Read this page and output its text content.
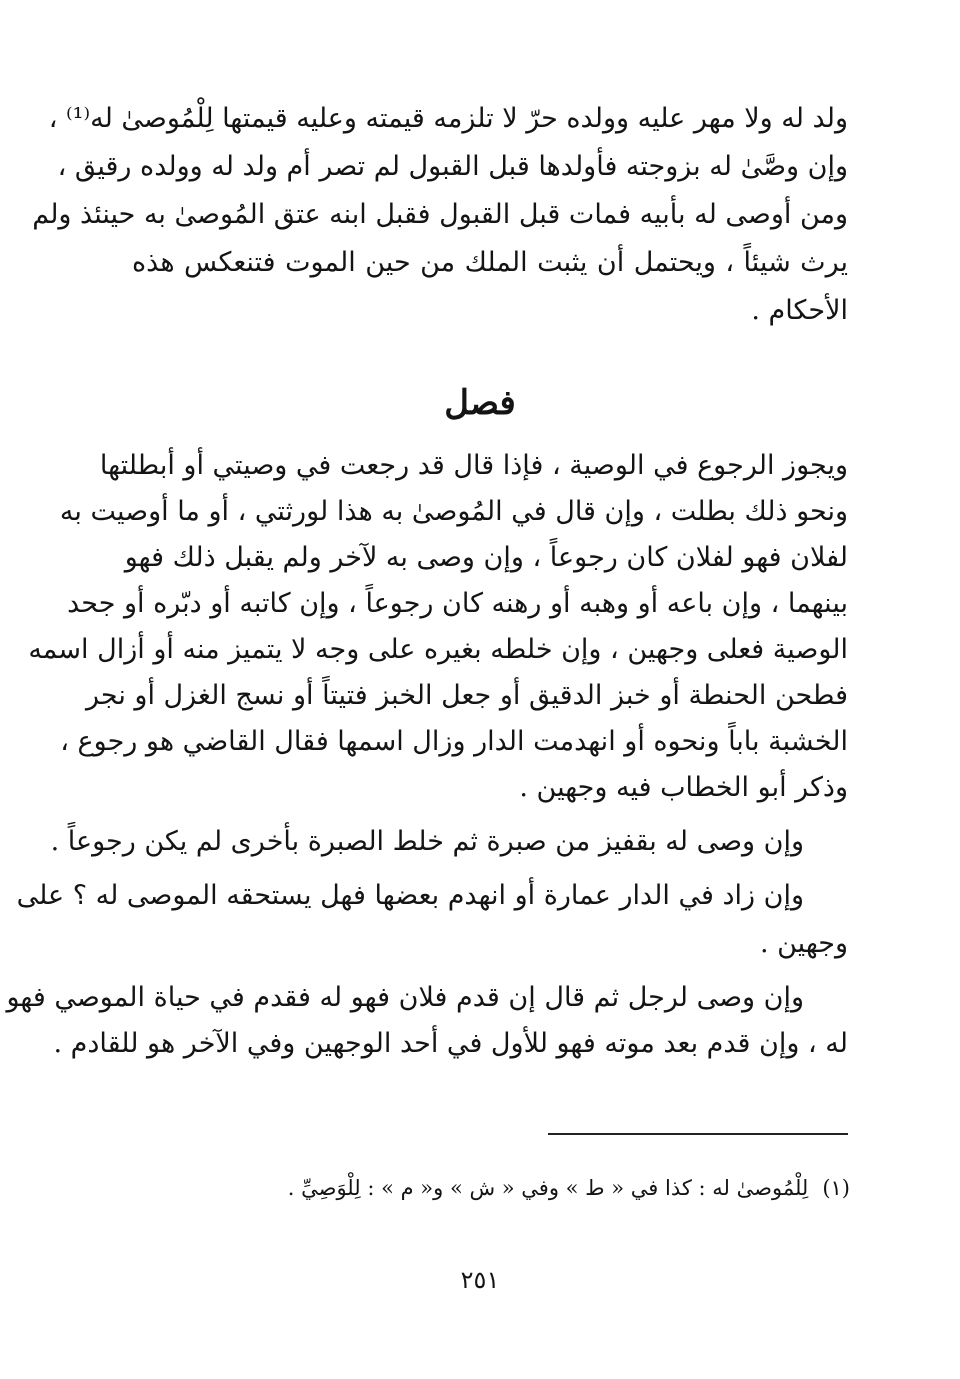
ولد له ولا مهر عليه وولده حرّ لا تلزمه قيمته وعليه قيمتها لِلْمُوصىٰ له⁽¹⁾ ،
وإن وصَّىٰ له بزوجته فأولدها قبل القبول لم تصر أم ولد له وولده رقيق ،
ومن أوصى له بأبيه فمات قبل القبول فقبل ابنه عتق المُوصىٰ به حينئذ ولم
يرث شيئاً ، ويحتمل أن يثبت الملك من حين الموت فتنعكس هذه
الأحكام .
فصل
ويجوز الرجوع في الوصية ، فإذا قال قد رجعت في وصيتي أو أبطلتها
ونحو ذلك بطلت ، وإن قال في المُوصىٰ به هذا لورثتي ، أو ما أوصيت به
لفلان فهو لفلان كان رجوعاً ، وإن وصى به لآخر ولم يقبل ذلك فهو
بينهما ، وإن باعه أو وهبه أو رهنه كان رجوعاً ، وإن كاتبه أو دبّره أو جحد
الوصية فعلى وجهين ، وإن خلطه بغيره على وجه لا يتميز منه أو أزال اسمه
فطحن الحنطة أو خبز الدقيق أو جعل الخبز فتيتاً أو نسج الغزل أو نجر
الخشبة باباً ونحوه أو انهدمت الدار وزال اسمها فقال القاضي هو رجوع ،
وذكر أبو الخطاب فيه وجهين .
وإن وصى له بقفيز من صبرة ثم خلط الصبرة بأخرى لم يكن رجوعاً .
وإن زاد في الدار عمارة أو انهدم بعضها فهل يستحقه الموصى له ؟ على
وجهين .
وإن وصى لرجل ثم قال إن قدم فلان فهو له فقدم في حياة الموصي فهو
له ، وإن قدم بعد موته فهو للأول في أحد الوجهين وفي الآخر هو للقادم .
(١)لِلْمُوصىٰ له : كذا في « ط » وفي « ش » و« م » : لِلْوَصِيِّ .
٢٥١
